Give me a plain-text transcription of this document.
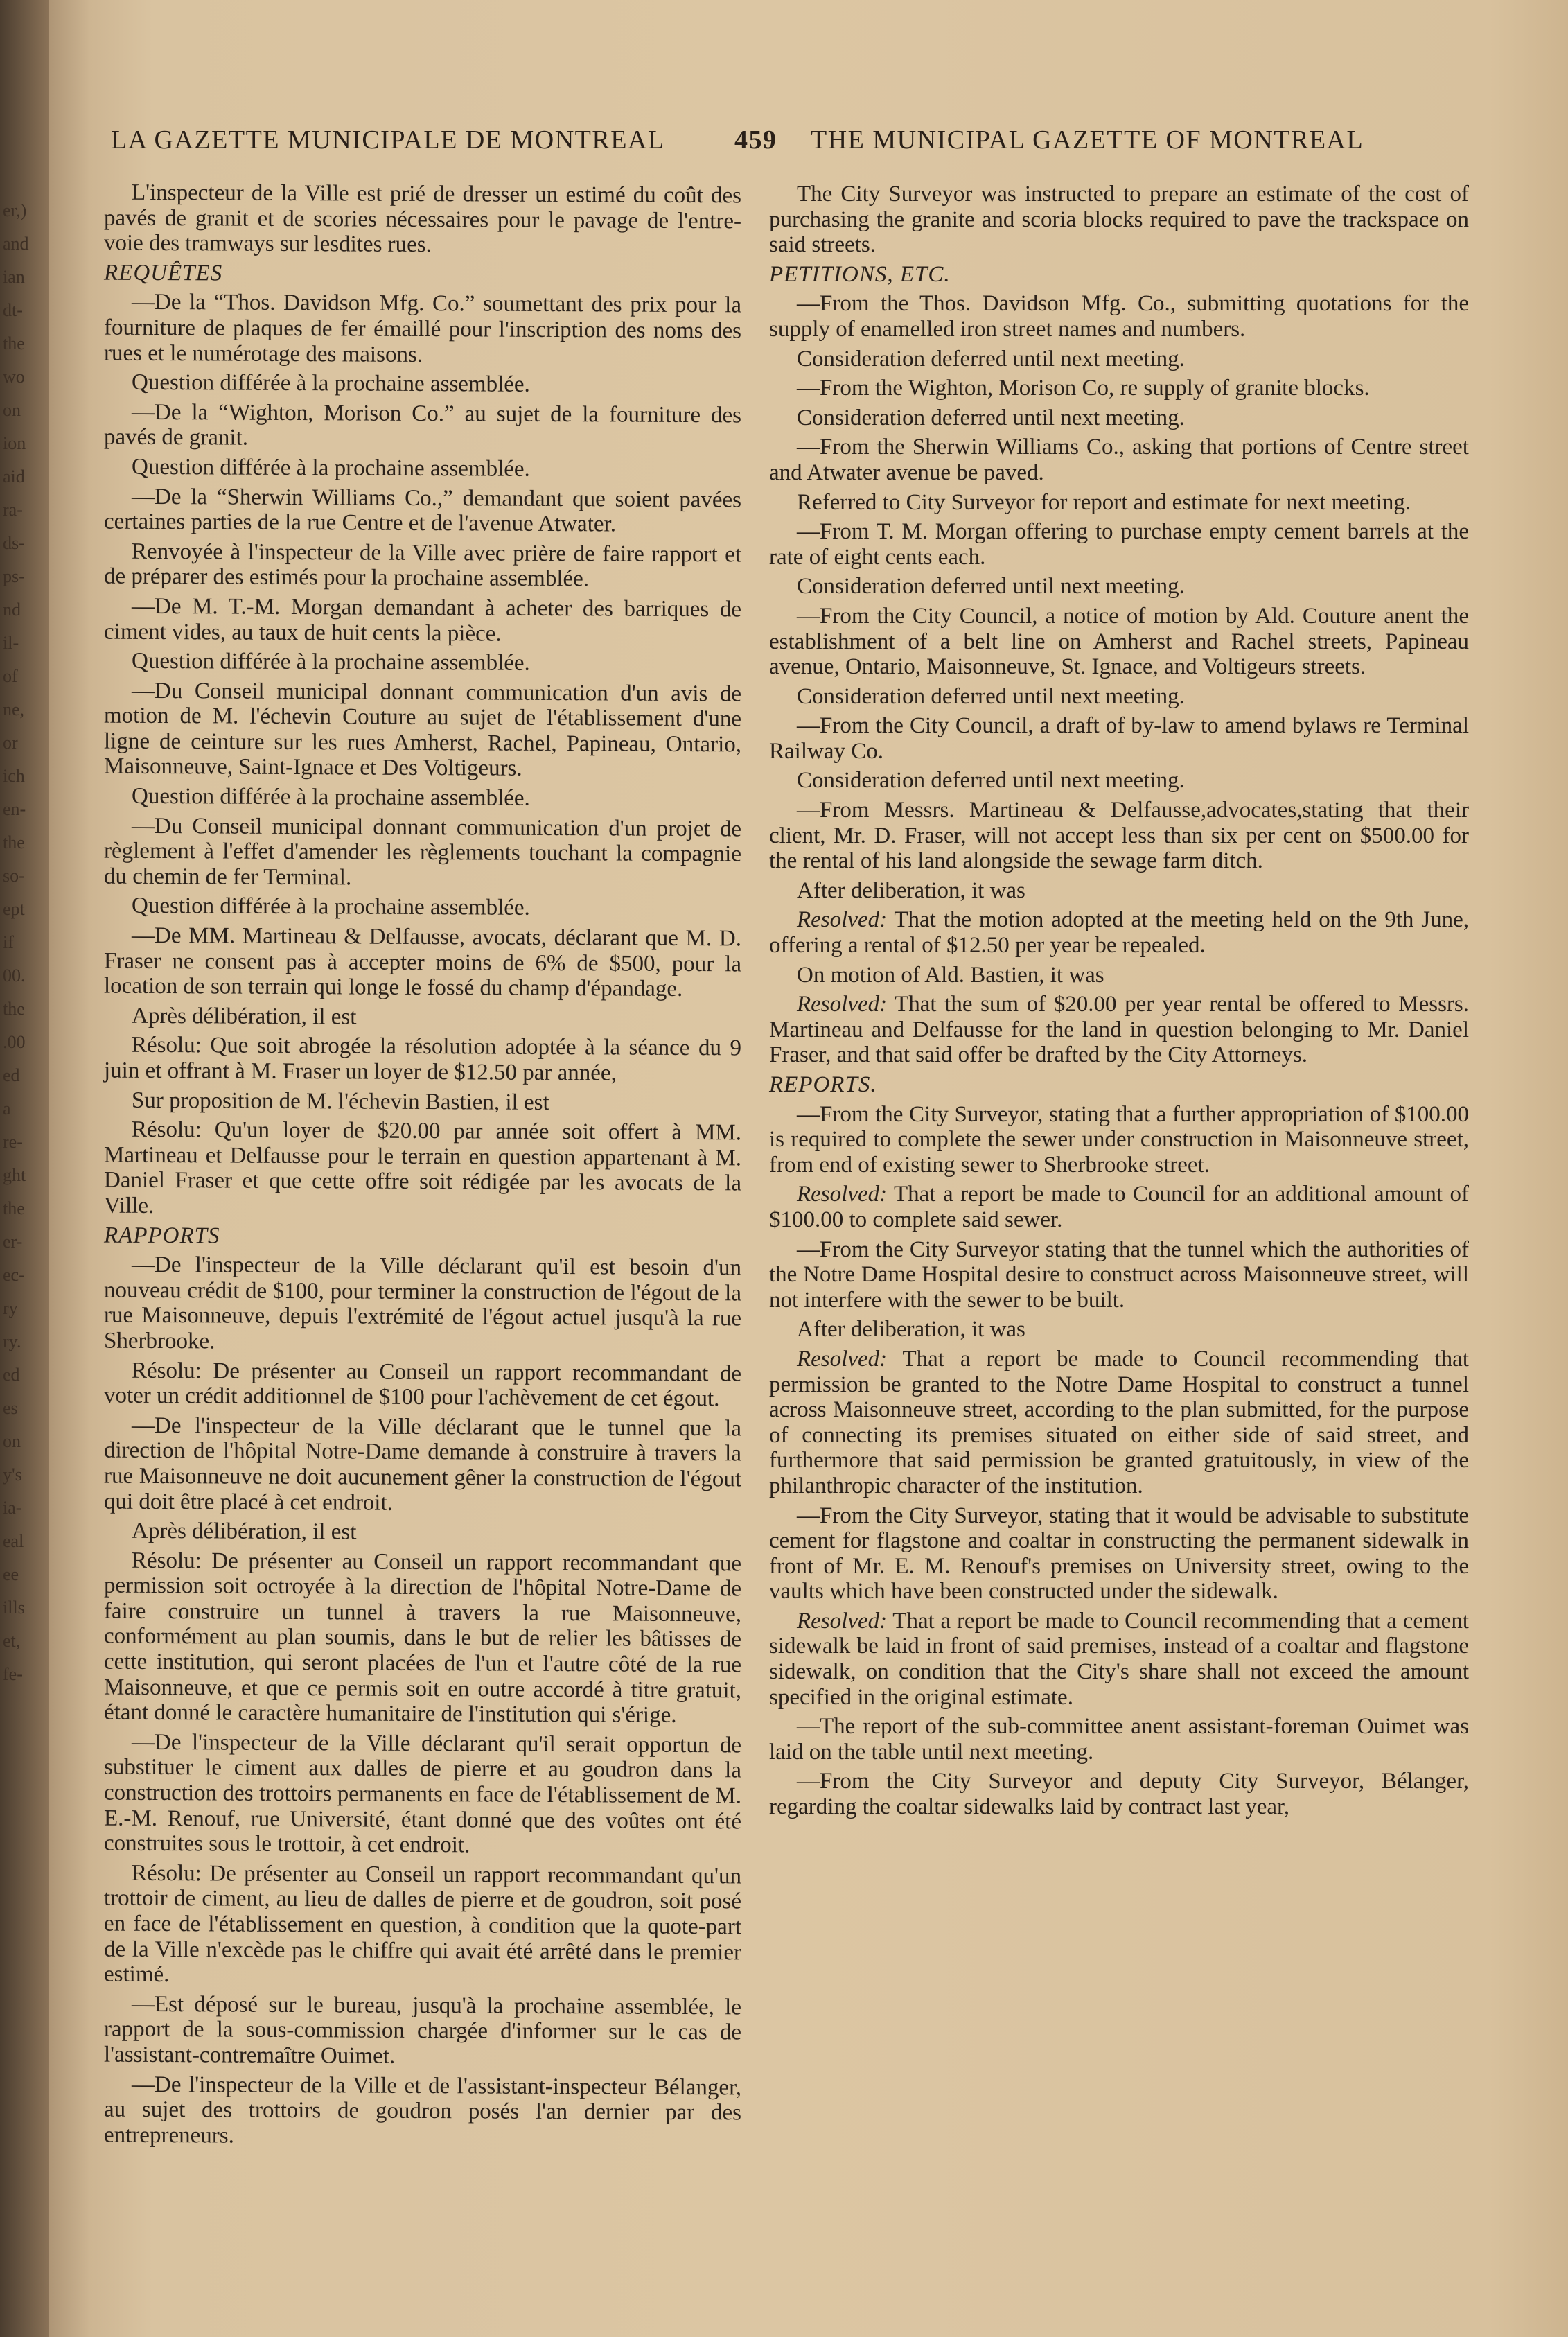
er,)
and
ian
dt-
the
wo
on
ion
aid
ra-
ds-
ps-
nd
il-
of
ne,
or
ich
en-
the
so-
ept
if
00.
the
.00
ed
a
re-
ght
the
er-
ec-
ry
ry.
ed
es
on
y's
ia-
eal
ee
ills
et,
fe-
LA GAZETTE MUNICIPALE DE MONTREAL	459 THE MUNICIPAL GAZETTE OF MONTREAL

L'inspecteur de la Ville est prié de dresser un estimé du coût des pavés de granit et de scories nécessaires pour le pavage de l'entre-voie des tramways sur lesdites rues.

REQUÊTES

—De la “Thos. Davidson Mfg. Co.” soumettant des prix pour la fourniture de plaques de fer émaillé pour l'inscription des noms des rues et le numérotage des maisons.

Question différée à la prochaine assemblée.

—De la “Wighton, Morison Co.” au sujet de la fourniture des pavés de granit.

Question différée à la prochaine assemblée.

—De la “Sherwin Williams Co.,” demandant que soient pavées certaines parties de la rue Centre et de l'avenue Atwater.

Renvoyée à l'inspecteur de la Ville avec prière de faire rapport et de préparer des estimés pour la prochaine assemblée.

—De M. T.-M. Morgan demandant à acheter des barriques de ciment vides, au taux de huit cents la pièce.

Question différée à la prochaine assemblée.

—Du Conseil municipal donnant communication d'un avis de motion de M. l'échevin Couture au sujet de l'établissement d'une ligne de ceinture sur les rues Amherst, Rachel, Papineau, Ontario, Maisonneuve, Saint-Ignace et Des Voltigeurs.

Question différée à la prochaine assemblée.

—Du Conseil municipal donnant communication d'un projet de règlement à l'effet d'amender les règlements touchant la compagnie du chemin de fer Terminal.

Question différée à la prochaine assemblée.

—De MM. Martineau & Delfausse, avocats, déclarant que M. D. Fraser ne consent pas à accepter moins de 6% de $500, pour la location de son terrain qui longe le fossé du champ d'épandage.

Après délibération, il est

Résolu: Que soit abrogée la résolution adoptée à la séance du 9 juin et offrant à M. Fraser un loyer de $12.50 par année,

Sur proposition de M. l'échevin Bastien, il est

Résolu: Qu'un loyer de $20.00 par année soit offert à MM. Martineau et Delfausse pour le terrain en question appartenant à M. Daniel Fraser et que cette offre soit rédigée par les avocats de la Ville.

RAPPORTS

—De l'inspecteur de la Ville déclarant qu'il est besoin d'un nouveau crédit de $100, pour terminer la construction de l'égout de la rue Maisonneuve, depuis l'extrémité de l'égout actuel jusqu'à la rue Sherbrooke.

Résolu: De présenter au Conseil un rapport recommandant de voter un crédit additionnel de $100 pour l'achèvement de cet égout.

—De l'inspecteur de la Ville déclarant que le tunnel que la direction de l'hôpital Notre-Dame demande à construire à travers la rue Maisonneuve ne doit aucunement gêner la construction de l'égout qui doit être placé à cet endroit.

Après délibération, il est

Résolu: De présenter au Conseil un rapport recommandant que permission soit octroyée à la direction de l'hôpital Notre-Dame de faire construire un tunnel à travers la rue Maisonneuve, conformément au plan soumis, dans le but de relier les bâtisses de cette institution, qui seront placées de l'un et l'autre côté de la rue Maisonneuve, et que ce permis soit en outre accordé à titre gratuit, étant donné le caractère humanitaire de l'institution qui s'érige.

—De l'inspecteur de la Ville déclarant qu'il serait opportun de substituer le ciment aux dalles de pierre et au goudron dans la construction des trottoirs permanents en face de l'établissement de M. E.-M. Renouf, rue Université, étant donné que des voûtes ont été construites sous le trottoir, à cet endroit.

Résolu: De présenter au Conseil un rapport recommandant qu'un trottoir de ciment, au lieu de dalles de pierre et de goudron, soit posé en face de l'établissement en question, à condition que la quote-part de la Ville n'excède pas le chiffre qui avait été arrêté dans le premier estimé.

—Est déposé sur le bureau, jusqu'à la prochaine assemblée, le rapport de la sous-commission chargée d'informer sur le cas de l'assistant-contremaître Ouimet.

—De l'inspecteur de la Ville et de l'assistant-inspecteur Bélanger, au sujet des trottoirs de goudron posés l'an dernier par des entrepreneurs.

The City Surveyor was instructed to prepare an estimate of the cost of purchasing the granite and scoria blocks required to pave the trackspace on said streets.

PETITIONS, ETC.

—From the Thos. Davidson Mfg. Co., submitting quotations for the supply of enamelled iron street names and numbers.

Consideration deferred until next meeting.

—From the Wighton, Morison Co, re supply of granite blocks.

Consideration deferred until next meeting.

—From the Sherwin Williams Co., asking that portions of Centre street and Atwater avenue be paved.

Referred to City Surveyor for report and estimate for next meeting.

—From T. M. Morgan offering to purchase empty cement barrels at the rate of eight cents each.

Consideration deferred until next meeting.

—From the City Council, a notice of motion by Ald. Couture anent the establishment of a belt line on Amherst and Rachel streets, Papineau avenue, Ontario, Maisonneuve, St. Ignace, and Voltigeurs streets.

Consideration deferred until next meeting.

—From the City Council, a draft of by-law to amend bylaws re Terminal Railway Co.

Consideration deferred until next meeting.

—From Messrs. Martineau & Delfausse,advocates,stating that their client, Mr. D. Fraser, will not accept less than six per cent on $500.00 for the rental of his land alongside the sewage farm ditch.

After deliberation, it was

Resolved: That the motion adopted at the meeting held on the 9th June, offering a rental of $12.50 per year be repealed.

On motion of Ald. Bastien, it was

Resolved: That the sum of $20.00 per year rental be offered to Messrs. Martineau and Delfausse for the land in question belonging to Mr. Daniel Fraser, and that said offer be drafted by the City Attorneys.

REPORTS.

—From the City Surveyor, stating that a further appropriation of $100.00 is required to complete the sewer under construction in Maisonneuve street, from end of existing sewer to Sherbrooke street.

Resolved: That a report be made to Council for an additional amount of $100.00 to complete said sewer.

—From the City Surveyor stating that the tunnel which the authorities of the Notre Dame Hospital desire to construct across Maisonneuve street, will not interfere with the sewer to be built.

After deliberation, it was

Resolved: That a report be made to Council recommending that permission be granted to the Notre Dame Hospital to construct a tunnel across Maisonneuve street, according to the plan submitted, for the purpose of connecting its premises situated on either side of said street, and furthermore that said permission be granted gratuitously, in view of the philanthropic character of the institution.

—From the City Surveyor, stating that it would be advisable to substitute cement for flagstone and coaltar in constructing the permanent sidewalk in front of Mr. E. M. Renouf's premises on University street, owing to the vaults which have been constructed under the sidewalk.

Resolved: That a report be made to Council recommending that a cement sidewalk be laid in front of said premises, instead of a coaltar and flagstone sidewalk, on condition that the City's share shall not exceed the amount specified in the original estimate.

—The report of the sub-committee anent assistant-foreman Ouimet was laid on the table until next meeting.

—From the City Surveyor and deputy City Surveyor, Bélanger, regarding the coaltar sidewalks laid by contract last year,
